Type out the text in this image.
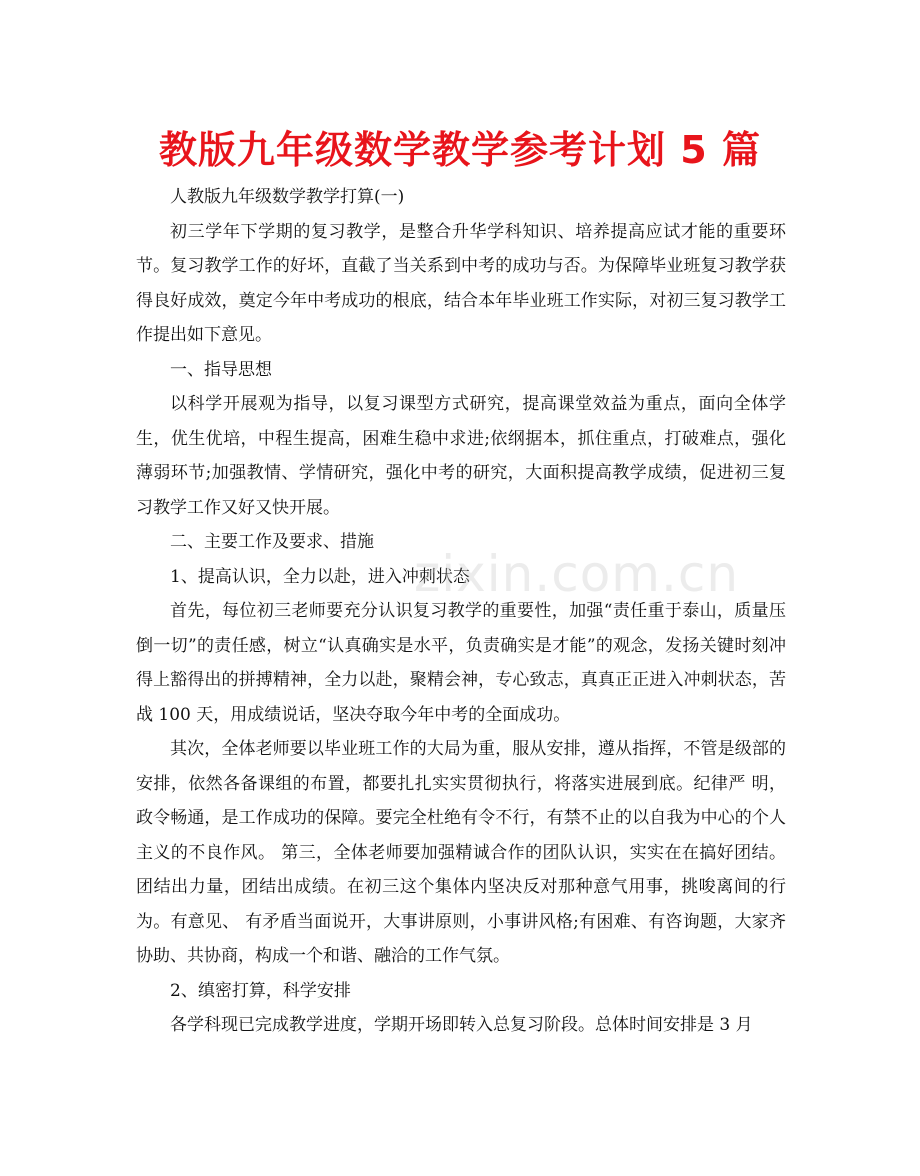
教版九年级数学教学参考计划 5 篇

人教版九年级数学教学打算(一)

初三学年下学期的复习教学，是整合升华学科知识、培养提高应试才能的重要环节。复习教学工作的好坏，直截了当关系到中考的成功与否。为保障毕业班复习教学获得良好成效，奠定今年中考成功的根底，结合本年毕业班工作实际，对初三复习教学工作提出如下意见。

一、指导思想

以科学开展观为指导，以复习课型方式研究，提高课堂效益为重点，面向全体学生，优生优培，中程生提高，困难生稳中求进;依纲据本，抓住重点，打破难点，强化薄弱环节;加强教情、学情研究，强化中考的研究，大面积提高教学成绩，促进初三复习教学工作又好又快开展。

二、主要工作及要求、措施

1、提高认识，全力以赴，进入冲刺状态

首先，每位初三老师要充分认识复习教学的重要性，加强“责任重于泰山，质量压倒一切”的责任感，树立“认真确实是水平，负责确实是才能”的观念，发扬关键时刻冲得上豁得出的拼搏精神，全力以赴，聚精会神，专心致志，真真正正进入冲刺状态，苦战 100 天，用成绩说话，坚决夺取今年中考的全面成功。

其次，全体老师要以毕业班工作的大局为重，服从安排，遵从指挥，不管是级部的安排，依然各备课组的布置，都要扎扎实实贯彻执行，将落实进展到底。纪律严 明，政令畅通，是工作成功的保障。要完全杜绝有令不行，有禁不止的以自我为中心的个人主义的不良作风。 第三，全体老师要加强精诚合作的团队认识，实实在在搞好团结。团结出力量，团结出成绩。在初三这个集体内坚决反对那种意气用事，挑唆离间的行为。有意见、 有矛盾当面说开，大事讲原则，小事讲风格;有困难、有咨询题，大家齐协助、共协商，构成一个和谐、融洽的工作气氛。

2、缜密打算，科学安排

各学科现已完成教学进度，学期开场即转入总复习阶段。总体时间安排是 3 月

zixin.com.cn
